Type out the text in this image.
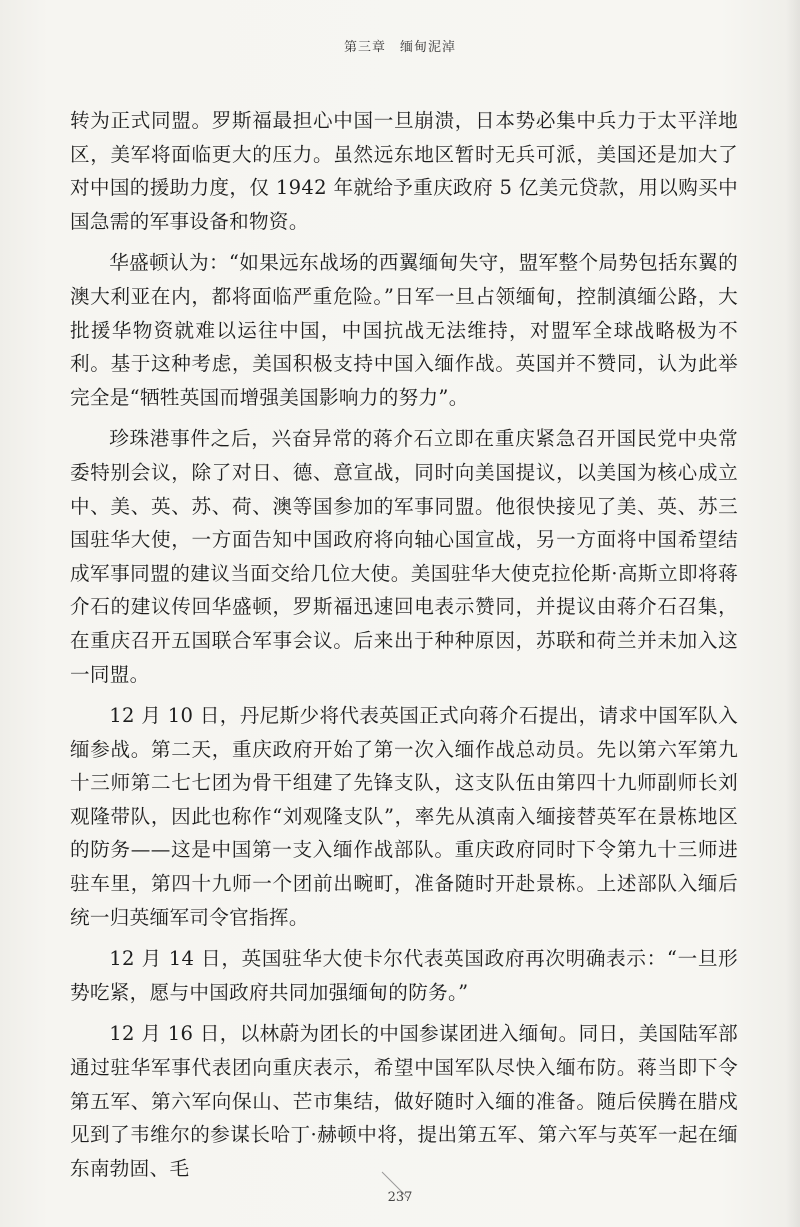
第三章 缅甸泥淖

转为正式同盟。罗斯福最担心中国一旦崩溃，日本势必集中兵力于太平洋地区，美军将面临更大的压力。虽然远东地区暂时无兵可派，美国还是加大了对中国的援助力度，仅 1942 年就给予重庆政府 5 亿美元贷款，用以购买中国急需的军事设备和物资。

华盛顿认为：“如果远东战场的西翼缅甸失守，盟军整个局势包括东翼的澳大利亚在内，都将面临严重危险。”日军一旦占领缅甸，控制滇缅公路，大批援华物资就难以运往中国，中国抗战无法维持，对盟军全球战略极为不利。基于这种考虑，美国积极支持中国入缅作战。英国并不赞同，认为此举完全是“牺牲英国而增强美国影响力的努力”。

珍珠港事件之后，兴奋异常的蒋介石立即在重庆紧急召开国民党中央常委特别会议，除了对日、德、意宣战，同时向美国提议，以美国为核心成立中、美、英、苏、荷、澳等国参加的军事同盟。他很快接见了美、英、苏三国驻华大使，一方面告知中国政府将向轴心国宣战，另一方面将中国希望结成军事同盟的建议当面交给几位大使。美国驻华大使克拉伦斯·高斯立即将蒋介石的建议传回华盛顿，罗斯福迅速回电表示赞同，并提议由蒋介石召集，在重庆召开五国联合军事会议。后来出于种种原因，苏联和荷兰并未加入这一同盟。

12 月 10 日，丹尼斯少将代表英国正式向蒋介石提出，请求中国军队入缅参战。第二天，重庆政府开始了第一次入缅作战总动员。先以第六军第九十三师第二七七团为骨干组建了先锋支队，这支队伍由第四十九师副师长刘观隆带队，因此也称作“刘观隆支队”，率先从滇南入缅接替英军在景栋地区的防务——这是中国第一支入缅作战部队。重庆政府同时下令第九十三师进驻车里，第四十九师一个团前出畹町，准备随时开赴景栋。上述部队入缅后统一归英缅军司令官指挥。

12 月 14 日，英国驻华大使卡尔代表英国政府再次明确表示：“一旦形势吃紧，愿与中国政府共同加强缅甸的防务。”

12 月 16 日，以林蔚为团长的中国参谋团进入缅甸。同日，美国陆军部通过驻华军事代表团向重庆表示，希望中国军队尽快入缅布防。蒋当即下令第五军、第六军向保山、芒市集结，做好随时入缅的准备。随后侯腾在腊戍见到了韦维尔的参谋长哈丁·赫顿中将，提出第五军、第六军与英军一起在缅东南勃固、毛

237
